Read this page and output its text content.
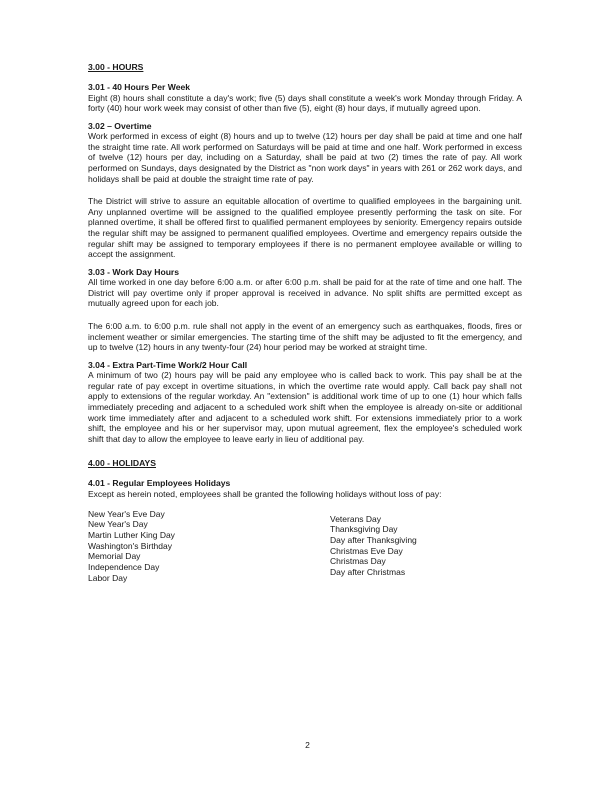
3.00 - HOURS
3.01 - 40 Hours Per Week

Eight (8) hours shall constitute a day's work; five (5) days shall constitute a week's work Monday through Friday. A forty (40) hour work week may consist of other than five (5), eight (8) hour days, if mutually agreed upon.

3.02 – Overtime

Work performed in excess of eight (8) hours and up to twelve (12) hours per day shall be paid at time and one half the straight time rate. All work performed on Saturdays will be paid at time and one half. Work performed in excess of twelve (12) hours per day, including on a Saturday, shall be paid at two (2) times the rate of pay. All work performed on Sundays, days designated by the District as "non work days" in years with 261 or 262 work days, and holidays shall be paid at double the straight time rate of pay.

The District will strive to assure an equitable allocation of overtime to qualified employees in the bargaining unit. Any unplanned overtime will be assigned to the qualified employee presently performing the task on site. For planned overtime, it shall be offered first to qualified permanent employees by seniority. Emergency repairs outside the regular shift may be assigned to permanent qualified employees. Overtime and emergency repairs outside the regular shift may be assigned to temporary employees if there is no permanent employee available or willing to accept the assignment.

3.03 - Work Day Hours

All time worked in one day before 6:00 a.m. or after 6:00 p.m. shall be paid for at the rate of time and one half. The District will pay overtime only if proper approval is received in advance. No split shifts are permitted except as mutually agreed upon for each job.

The 6:00 a.m. to 6:00 p.m. rule shall not apply in the event of an emergency such as earthquakes, floods, fires or inclement weather or similar emergencies. The starting time of the shift may be adjusted to fit the emergency, and up to twelve (12) hours in any twenty-four (24) hour period may be worked at straight time.

3.04 - Extra Part-Time Work/2 Hour Call

A minimum of two (2) hours pay will be paid any employee who is called back to work. This pay shall be at the regular rate of pay except in overtime situations, in which the overtime rate would apply. Call back pay shall not apply to extensions of the regular workday. An "extension" is additional work time of up to one (1) hour which falls immediately preceding and adjacent to a scheduled work shift when the employee is already on-site or additional work time immediately after and adjacent to a scheduled work shift. For extensions immediately prior to a work shift, the employee and his or her supervisor may, upon mutual agreement, flex the employee's scheduled work shift that day to allow the employee to leave early in lieu of additional pay.

4.00 - HOLIDAYS
4.01 - Regular Employees Holidays

Except as herein noted, employees shall be granted the following holidays without loss of pay:

New Year's Eve Day
New Year's Day
Martin Luther King Day
Washington's Birthday
Memorial Day
Independence Day
Labor Day
Veterans Day
Thanksgiving Day
Day after Thanksgiving
Christmas Eve Day
Christmas Day
Day after Christmas
2
